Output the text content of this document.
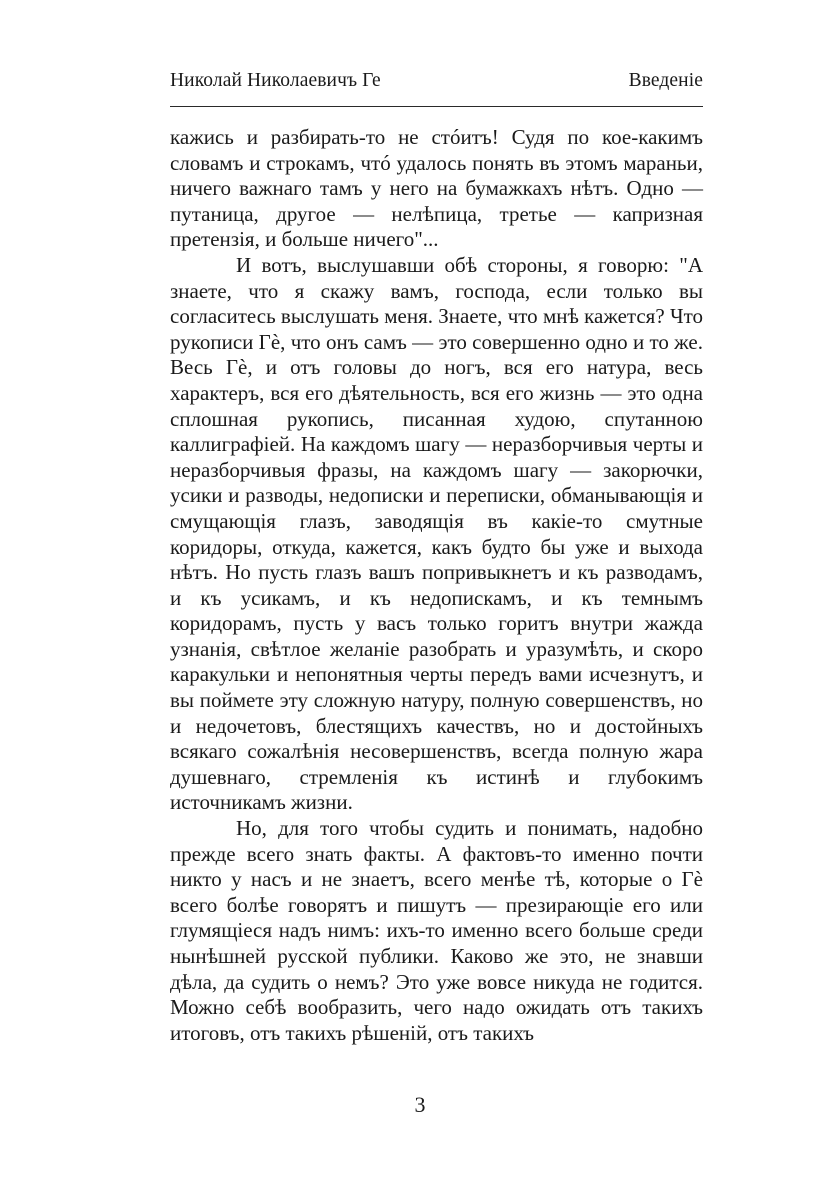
Николай Николаевичъ Ге	Введеніе

кажись и разбирать-то не стóитъ! Судя по кое-какимъ словамъ и строкамъ, чтó удалось понять въ этомъ мараньи, ничего важнаго тамъ у него на бумажкахъ нѣтъ. Одно — путаница, другое — нелѣпица, третье — капризная претензія, и больше ничего"...

И вотъ, выслушавши обѣ стороны, я говорю: "А знаете, что я скажу вамъ, господа, если только вы согласитесь выслушать меня. Знаете, что мнѣ кажется? Что рукописи Гè, что онъ самъ — это совершенно одно и то же. Весь Гè, и отъ головы до ногъ, вся его натура, весь характеръ, вся его дѣятельность, вся его жизнь — это одна сплошная рукопись, писанная худою, спутанною каллиграфіей. На каждомъ шагу — неразборчивыя черты и неразборчивыя фразы, на каждомъ шагу — закорючки, усики и разводы, недописки и переписки, обманывающія и смущающія глазъ, заводящія въ какіе-то смутные коридоры, откуда, кажется, какъ будто бы уже и выхода нѣтъ. Но пусть глазъ вашъ попривыкнетъ и къ разводамъ, и къ усикамъ, и къ недопискамъ, и къ темнымъ коридорамъ, пусть у васъ только горитъ внутри жажда узнанія, свѣтлое желаніе разобрать и уразумѣть, и скоро каракульки и непонятныя черты передъ вами исчезнутъ, и вы поймете эту сложную натуру, полную совершенствъ, но и недочетовъ, блестящихъ качествъ, но и достойныхъ всякаго сожалѣнія несовершенствъ, всегда полную жара душевнаго, стремленія къ истинѣ и глубокимъ источникамъ жизни.

Но, для того чтобы судить и понимать, надобно прежде всего знать факты. А фактовъ-то именно почти никто у насъ и не знаетъ, всего менѣе тѣ, которые о Гè всего болѣе говорятъ и пишутъ — презирающіе его или глумящіеся надъ нимъ: ихъ-то именно всего больше среди нынѣшней русской публики. Каково же это, не знавши дѣла, да судить о немъ? Это уже вовсе никуда не годится. Можно себѣ вообразить, чего надо ожидать отъ такихъ итоговъ, отъ такихъ рѣшеній, отъ такихъ

3
